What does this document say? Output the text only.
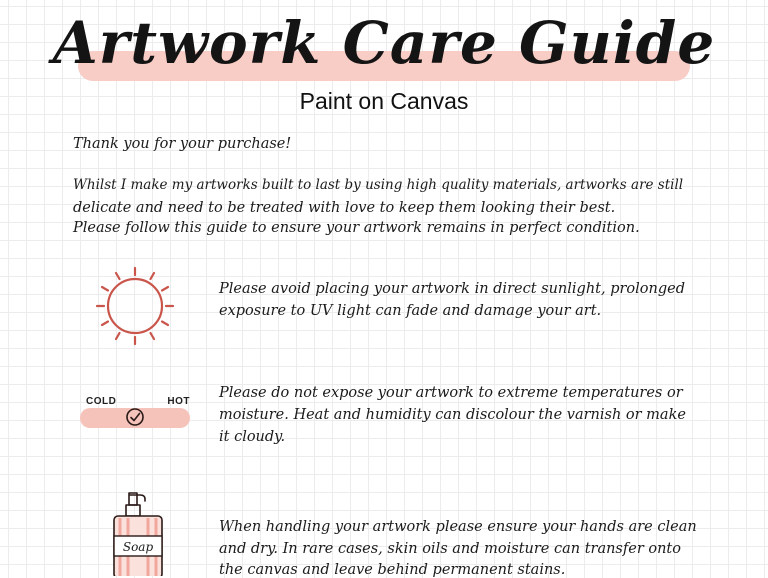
Artwork Care Guide
Paint on Canvas
Thank you for your purchase!
Whilst I make my artworks built to last by using high quality materials, artworks are still
delicate and need to be treated with love to keep them looking their best.
Please follow this guide to ensure your artwork remains in perfect condition.
Please avoid placing your artwork in direct sunlight, prolonged
exposure to UV light can fade and damage your art.
COLD	HOT
Please do not expose your artwork to extreme temperatures or
moisture. Heat and humidity can discolour the varnish or make
it cloudy.
Soap
When handling your artwork please ensure your hands are clean
and dry. In rare cases, skin oils and moisture can transfer onto
the canvas and leave behind permanent stains.
